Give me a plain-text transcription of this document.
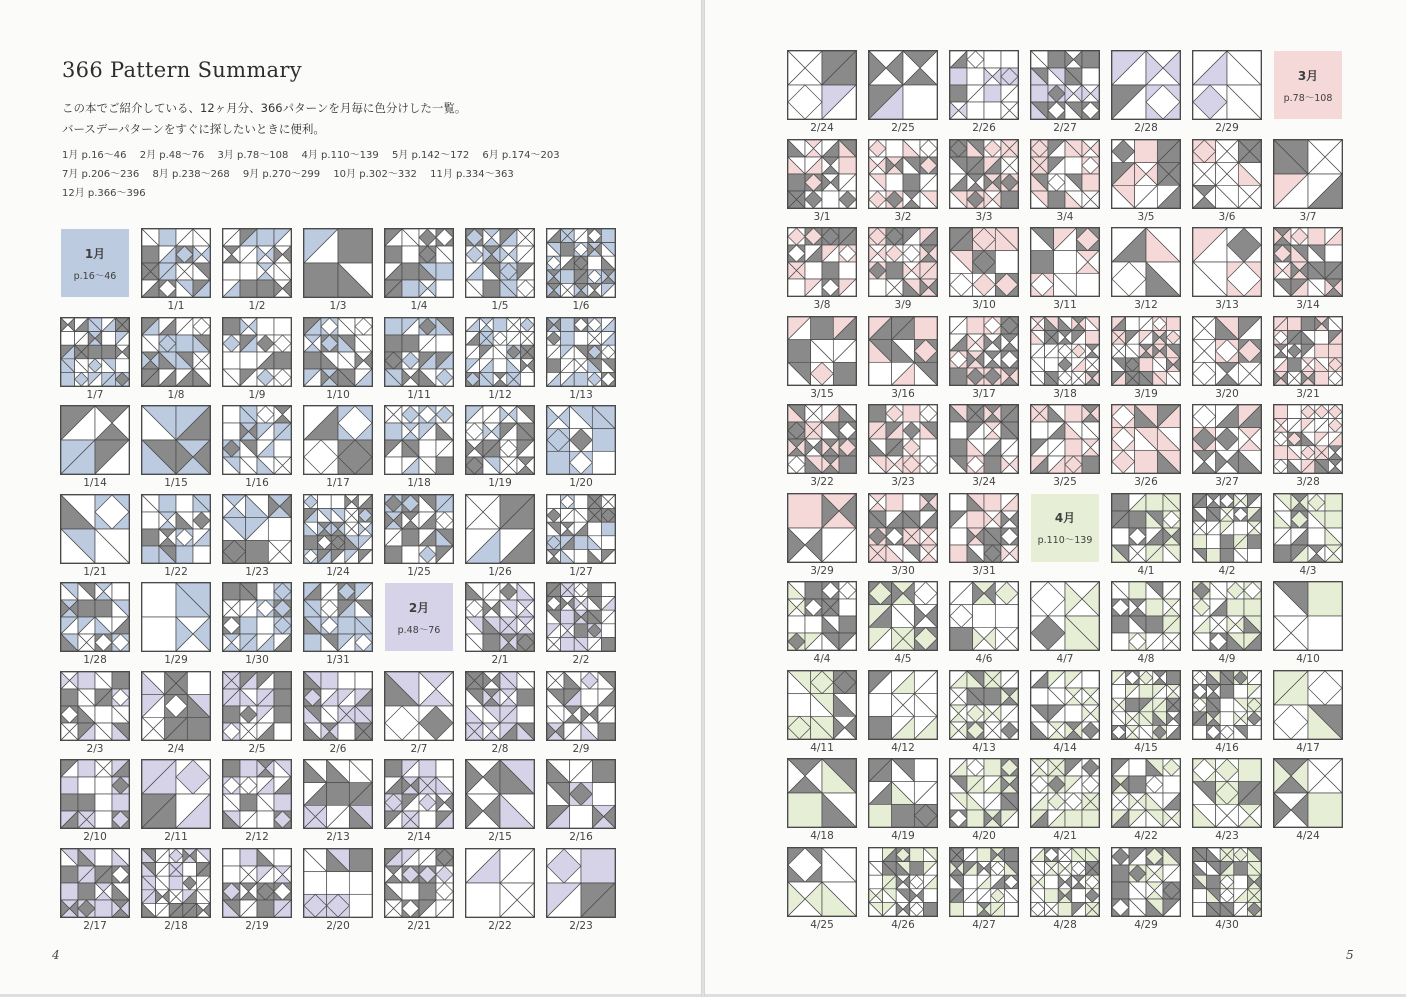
366 Pattern Summary
この本でご紹介している、12ヶ月分、366パターンを月毎に色分けした一覧。
バースデーパターンをすぐに探したいときに便利。
1月 p.16～46 2月 p.48～76 3月 p.78～108 4月 p.110～139 5月 p.142～172 6月 p.174～203
7月 p.206～236 8月 p.238～268 9月 p.270～299 10月 p.302～332 11月 p.334～363
12月 p.366～396
4
1月
p.16～46
1/1	1/2	1/3	1/4	1/5	1/6
1/7	1/8	1/9	1/10	1/11	1/12	1/13
1/14	1/15	1/16	1/17	1/18	1/19	1/20
1/21	1/22	1/23	1/24	1/25	1/26	1/27
1/28	1/29	1/30	1/31
2月
p.48～76
2/1	2/2
2/3	2/4	2/5	2/6	2/7	2/8	2/9
2/10	2/11	2/12	2/13	2/14	2/15	2/16
2/17	2/18	2/19	2/20	2/21	2/22	2/23
5
2/24	2/25	2/26	2/27	2/28	2/29
3月
p.78～108
3/1	3/2	3/3	3/4	3/5	3/6	3/7
3/8	3/9	3/10	3/11	3/12	3/13	3/14
3/15	3/16	3/17	3/18	3/19	3/20	3/21
3/22	3/23	3/24	3/25	3/26	3/27	3/28
3/29	3/30	3/31
4月
p.110～139
4/1	4/2	4/3
4/4	4/5	4/6	4/7	4/8	4/9	4/10
4/11	4/12	4/13	4/14	4/15	4/16	4/17
4/18	4/19	4/20	4/21	4/22	4/23	4/24
4/25	4/26	4/27	4/28	4/29	4/30
